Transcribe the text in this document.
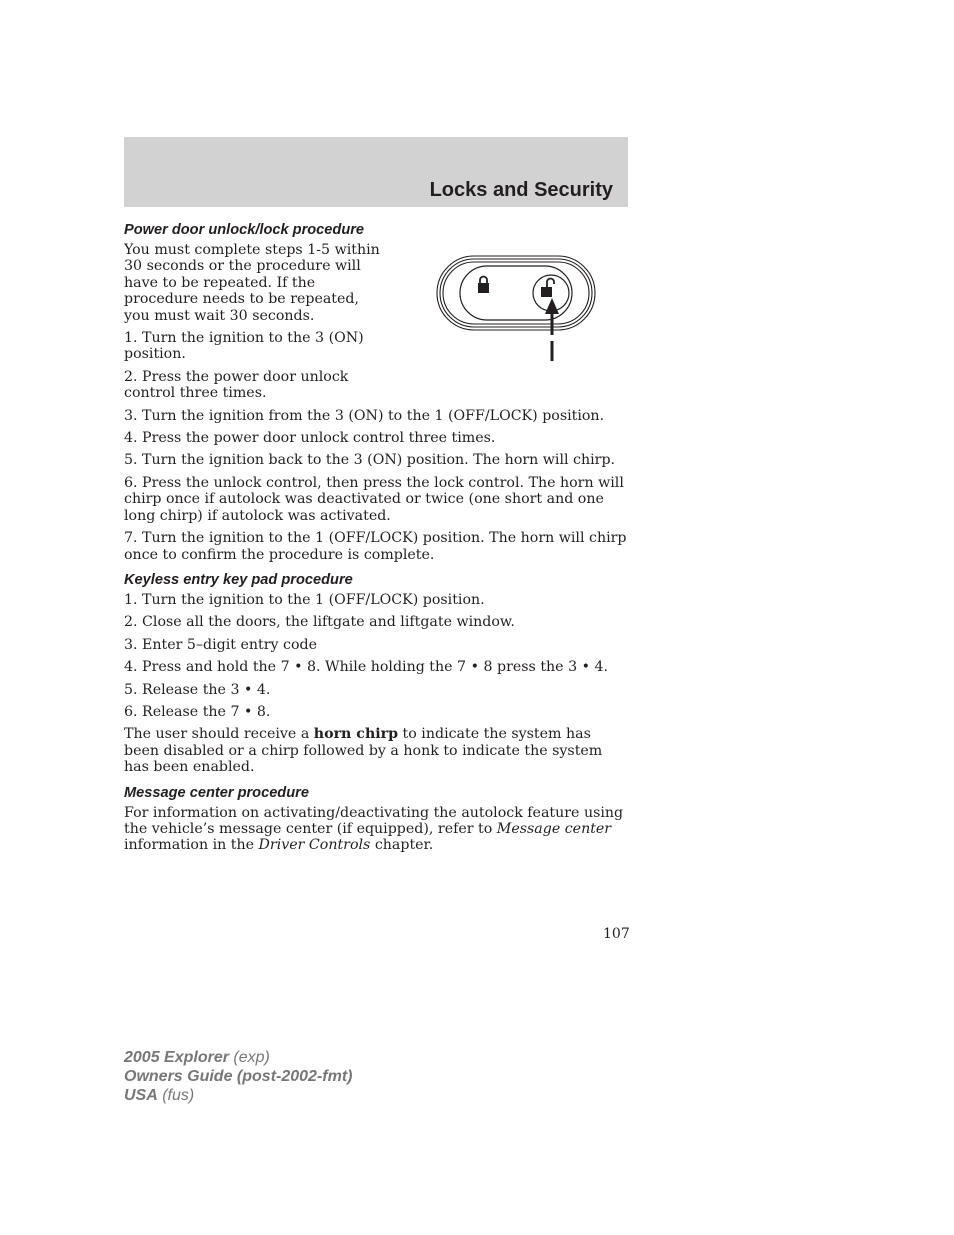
Locks and Security
Power door unlock/lock procedure

You must complete steps 1-5 within 30 seconds or the procedure will have to be repeated. If the procedure needs to be repeated, you must wait 30 seconds.

1. Turn the ignition to the 3 (ON) position.

2. Press the power door unlock control three times.

3. Turn the ignition from the 3 (ON) to the 1 (OFF/LOCK) position.

4. Press the power door unlock control three times.

5. Turn the ignition back to the 3 (ON) position. The horn will chirp.

6. Press the unlock control, then press the lock control. The horn will chirp once if autolock was deactivated or twice (one short and one long chirp) if autolock was activated.

7. Turn the ignition to the 1 (OFF/LOCK) position. The horn will chirp once to confirm the procedure is complete.

Keyless entry key pad procedure

1. Turn the ignition to the 1 (OFF/LOCK) position.

2. Close all the doors, the liftgate and liftgate window.

3. Enter 5–digit entry code

4. Press and hold the 7 • 8. While holding the 7 • 8 press the 3 • 4.

5. Release the 3 • 4.

6. Release the 7 • 8.

The user should receive a horn chirp to indicate the system has been disabled or a chirp followed by a honk to indicate the system has been enabled.

Message center procedure

For information on activating/deactivating the autolock feature using the vehicle’s message center (if equipped), refer to Message center information in the Driver Controls chapter.

107
2005 Explorer (exp)
Owners Guide (post-2002-fmt)
USA (fus)
